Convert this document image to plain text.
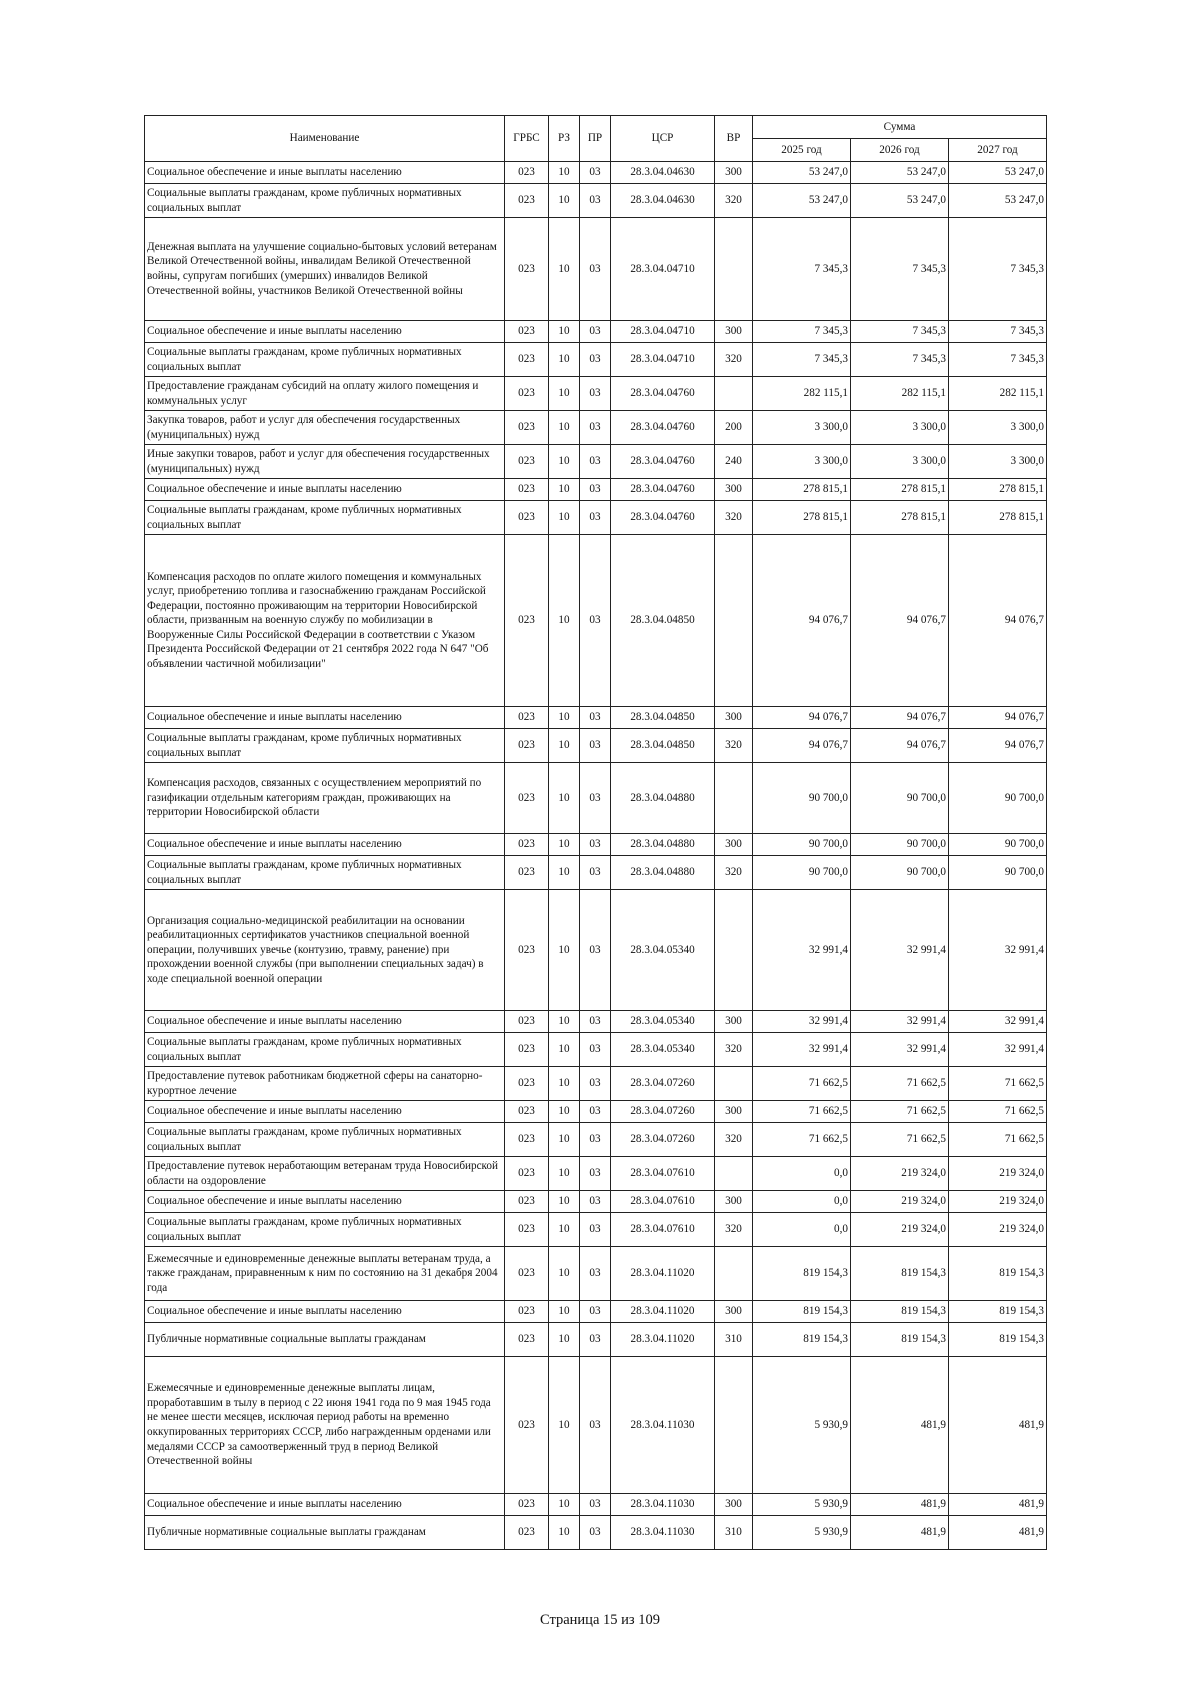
Наименование	ГРБС	РЗ	ПР	ЦСР	ВР	Сумма		
						2025 год	2026 год	2027 год
Социальное обеспечение и иные выплаты населению	023	10	03	28.3.04.04630	300	53 247,0	53 247,0	53 247,0
Социальные выплаты гражданам, кроме публичных нормативных социальных выплат	023	10	03	28.3.04.04630	320	53 247,0	53 247,0	53 247,0
Денежная выплата на улучшение социально-бытовых условий ветеранам Великой Отечественной войны, инвалидам Великой Отечественной войны, супругам погибших (умерших) инвалидов Великой Отечественной войны, участников Великой Отечественной войны	023	10	03	28.3.04.04710		7 345,3	7 345,3	7 345,3
Социальное обеспечение и иные выплаты населению	023	10	03	28.3.04.04710	300	7 345,3	7 345,3	7 345,3
Социальные выплаты гражданам, кроме публичных нормативных социальных выплат	023	10	03	28.3.04.04710	320	7 345,3	7 345,3	7 345,3
Предоставление гражданам субсидий на оплату жилого помещения и коммунальных услуг	023	10	03	28.3.04.04760		282 115,1	282 115,1	282 115,1
Закупка товаров, работ и услуг для обеспечения государственных (муниципальных) нужд	023	10	03	28.3.04.04760	200	3 300,0	3 300,0	3 300,0
Иные закупки товаров, работ и услуг для обеспечения государственных (муниципальных) нужд	023	10	03	28.3.04.04760	240	3 300,0	3 300,0	3 300,0
Социальное обеспечение и иные выплаты населению	023	10	03	28.3.04.04760	300	278 815,1	278 815,1	278 815,1
Социальные выплаты гражданам, кроме публичных нормативных социальных выплат	023	10	03	28.3.04.04760	320	278 815,1	278 815,1	278 815,1
Компенсация расходов по оплате жилого помещения и коммунальных услуг, приобретению топлива и газоснабжению гражданам Российской Федерации, постоянно проживающим на территории Новосибирской области, призванным на военную службу по мобилизации в Вооруженные Силы Российской Федерации в соответствии с Указом Президента Российской Федерации от 21 сентября 2022 года N 647 "Об объявлении частичной мобилизации"	023	10	03	28.3.04.04850		94 076,7	94 076,7	94 076,7
Социальное обеспечение и иные выплаты населению	023	10	03	28.3.04.04850	300	94 076,7	94 076,7	94 076,7
Социальные выплаты гражданам, кроме публичных нормативных социальных выплат	023	10	03	28.3.04.04850	320	94 076,7	94 076,7	94 076,7
Компенсация расходов, связанных с осуществлением мероприятий по газификации отдельным категориям граждан, проживающих на территории Новосибирской области	023	10	03	28.3.04.04880		90 700,0	90 700,0	90 700,0
Социальное обеспечение и иные выплаты населению	023	10	03	28.3.04.04880	300	90 700,0	90 700,0	90 700,0
Социальные выплаты гражданам, кроме публичных нормативных социальных выплат	023	10	03	28.3.04.04880	320	90 700,0	90 700,0	90 700,0
Организация социально-медицинской реабилитации на основании реабилитационных сертификатов участников специальной военной операции, получивших увечье (контузию, травму, ранение) при прохождении военной службы (при выполнении специальных задач) в ходе специальной военной операции	023	10	03	28.3.04.05340		32 991,4	32 991,4	32 991,4
Социальное обеспечение и иные выплаты населению	023	10	03	28.3.04.05340	300	32 991,4	32 991,4	32 991,4
Социальные выплаты гражданам, кроме публичных нормативных социальных выплат	023	10	03	28.3.04.05340	320	32 991,4	32 991,4	32 991,4
Предоставление путевок работникам бюджетной сферы на санаторно-курортное лечение	023	10	03	28.3.04.07260		71 662,5	71 662,5	71 662,5
Социальное обеспечение и иные выплаты населению	023	10	03	28.3.04.07260	300	71 662,5	71 662,5	71 662,5
Социальные выплаты гражданам, кроме публичных нормативных социальных выплат	023	10	03	28.3.04.07260	320	71 662,5	71 662,5	71 662,5
Предоставление путевок неработающим ветеранам труда Новосибирской области на оздоровление	023	10	03	28.3.04.07610		0,0	219 324,0	219 324,0
Социальное обеспечение и иные выплаты населению	023	10	03	28.3.04.07610	300	0,0	219 324,0	219 324,0
Социальные выплаты гражданам, кроме публичных нормативных социальных выплат	023	10	03	28.3.04.07610	320	0,0	219 324,0	219 324,0
Ежемесячные и единовременные денежные выплаты ветеранам труда, а также гражданам, приравненным к ним по состоянию на 31 декабря 2004 года	023	10	03	28.3.04.11020		819 154,3	819 154,3	819 154,3
Социальное обеспечение и иные выплаты населению	023	10	03	28.3.04.11020	300	819 154,3	819 154,3	819 154,3
Публичные нормативные социальные выплаты гражданам	023	10	03	28.3.04.11020	310	819 154,3	819 154,3	819 154,3
Ежемесячные и единовременные денежные выплаты лицам, проработавшим в тылу в период с 22 июня 1941 года по 9 мая 1945 года не менее шести месяцев, исключая период работы на временно оккупированных территориях СССР, либо награжденным орденами или медалями СССР за самоотверженный труд в период Великой Отечественной войны	023	10	03	28.3.04.11030		5 930,9	481,9	481,9
Социальное обеспечение и иные выплаты населению	023	10	03	28.3.04.11030	300	5 930,9	481,9	481,9
Публичные нормативные социальные выплаты гражданам	023	10	03	28.3.04.11030	310	5 930,9	481,9	481,9
Страница 15 из 109
